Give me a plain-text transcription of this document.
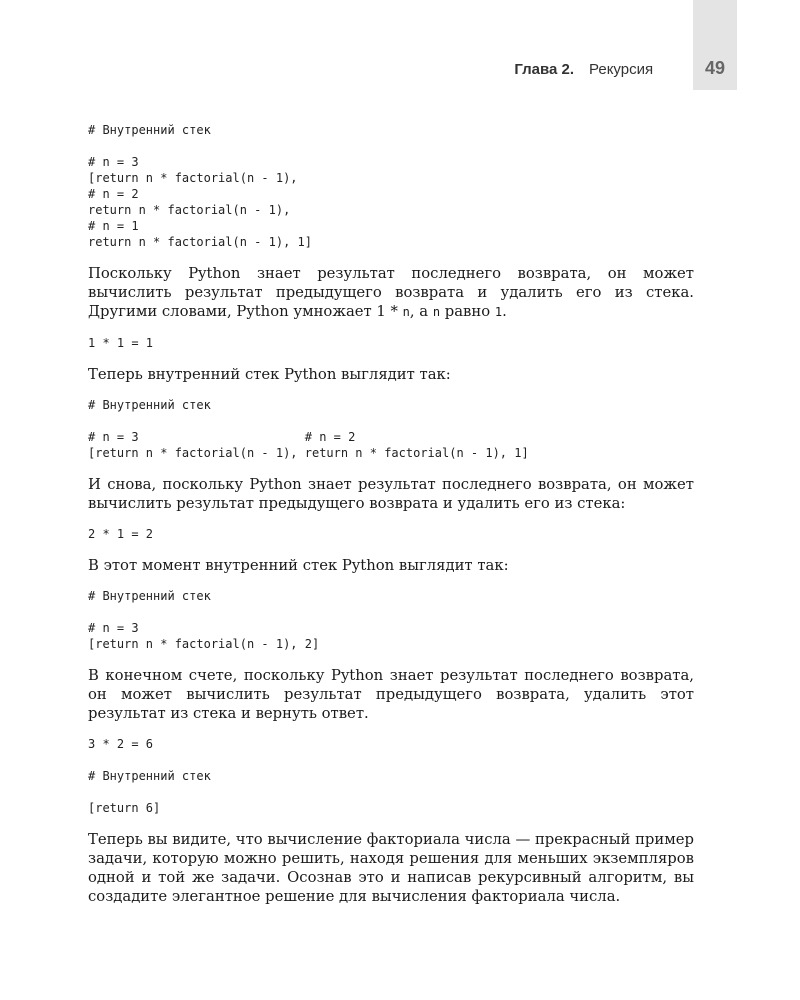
Глава 2. Рекурсия	49
# Внутренний стек

# n = 3
[return n * factorial(n - 1),
# n = 2
return n * factorial(n - 1),
# n = 1
return n * factorial(n - 1), 1]

Поскольку Python знает результат последнего возврата, он может вычислить результат предыдущего возврата и удалить его из стека. Другими словами, Python умножает 1 * n, а n равно 1.

1 * 1 = 1

Теперь внутренний стек Python выглядит так:

# Внутренний стек

# n = 3                       # n = 2
[return n * factorial(n - 1), return n * factorial(n - 1), 1]

И снова, поскольку Python знает результат последнего возврата, он может вычислить результат предыдущего возврата и удалить его из стека:

2 * 1 = 2

В этот момент внутренний стек Python выглядит так:

# Внутренний стек

# n = 3
[return n * factorial(n - 1), 2]

В конечном счете, поскольку Python знает результат последнего возврата, он может вычислить результат предыдущего возврата, удалить этот результат из стека и вернуть ответ.

3 * 2 = 6
# Внутренний стек
[return 6]

Теперь вы видите, что вычисление факториала числа — прекрасный пример задачи, которую можно решить, находя решения для меньших экземпляров одной и той же задачи. Осознав это и написав рекурсивный алгоритм, вы создадите элегантное решение для вычисления факториала числа.
